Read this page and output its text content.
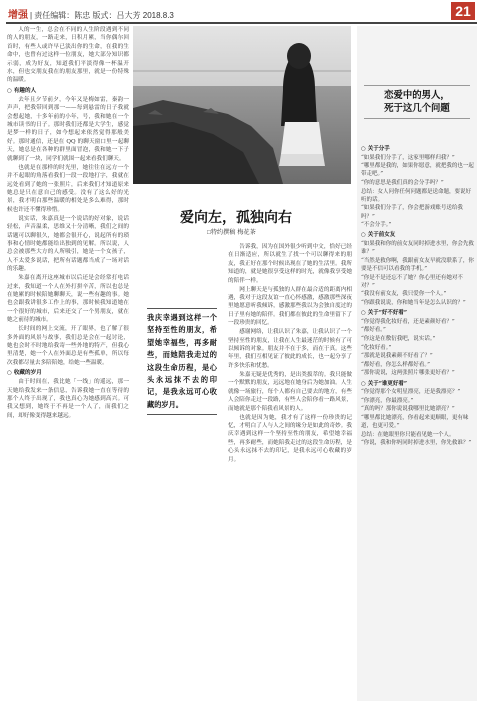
增强 | 责任编辑：陈忠 版式：吕大芳 2018.8.3	21

人的一生，总会在不同的人生阶段遇到不同的人的朋友，一路走来，日积月累，当你偶尔回首时，有些人或许早已淡出你的生命，在我的生命中，也曾有过这样一位朋友，她大部分知识都示弱，成为好友，知道我们平淡得像一杯温开水，但也交朋友我在的朋友那里，就是一份特殊的温暖。

○ 有趣的人

去年且夕节前夕，今年又是梅如雷，秦韵一声声，把我带回到那一——每到悬雷的日子我就会想起她，十多年前的小年，号，我和她在一个城市读书的日子。那时我们还都是大学生，感觉是梦一样的日子，如今想起来依然觉得那般美好。那时通信，还是在 QQ 的聊天窗口里一起聊天，她总是在各种的群里面冒泡，我和她一下子就聊到了一块，同学们就围一起来看我们聊天。

也就是在那样的时光里，她往往在远方一个并不起眼的角落看我们一段一段地打字，我就在远处看到了她的一张照片，后来我们才知道原来她总是只在意自己的感受。没有了这么好的光景，我才明白那些温暖的相处是多么难得，那时候也许还不懂得珍惜。

说实话，朱嘉真是一个说话的好对象，说话轻松，声音温柔，思维又十分清晰，我们之间的话题可以聊很久，她都会很开心，说起所有的琐事和心情时她都能给出独到的见解。所以说，人总会被那些大方的人所吸引，她是一个女孩子，人不太爱多说话，把所有话题都当成了一场对话的乐趣。

朱嘉在离开这座城市以后还是会经常打电话过来，我知道一个人在外打拼辛苦，所以也总是在她累的时候陪她聊聊天，说一些有趣的事。她也会跟我讲很多工作上的事，那时候我知道她在一个很好的城市，后来还交了一个男朋友，就在她之前待的城市。

长时间的网上交流，开了眼界，也了解了很多外面的风景与故事，我们总是会在一起讨论，她也会时不时地给我寄一些外地的特产，但我心里清楚，她一个人在外面总是有些孤单，所以每次我都尽量去多陪陪她，给她一些温暖。

○ 收藏的岁月

由于时间在，我比她「一线」的遥远，那一天她给我发来一条信息，告诉我她一直在等待的那个人终于出现了，我也真心为她感到高兴。可我又想到，她终于不再是一个人了，而我们之间，却好像变得越来越远。

爱向左，孤独向右
□特约撰稿 梅花茶
我庆幸遇到这样一个坚持至性的朋友，希望她幸福些，再多耐些，而她陪我走过的这段生命历程，是心头永远抹不去的印记，是我永远可心收藏的岁月。

告诉我，因为在国外很少听到中文，恰好已经在日渐适应，所以就生了找一个可以聊得来的朋友，我正好在那个时候出现在了她的生活里。我所知道的，就是她很享受这样的时光，就像我享受她的陪伴一样。

网上聊天是与孤独的人群在最合适的距离内相遇，我对于这段友谊一直心怀感激，感激那些深夜里她愿意听我倾诉，感激那些我以为会独自度过的日子里有她的陪伴。我们都在彼此的生命里留下了一段珍贵的回忆。

感谢网络，让我认识了朱嘉，让我认识了一个坚持至性的朋友，让我在人生最迷茫的时候有了可以倾诉的对象。朋友并不在于多，而在于真。这些年里，我们互相见证了彼此的成长，也一起分享了许多快乐和忧愁。

朱嘉无疑是优秀的，是出类拔萃的。我只能做一个默默的朋友，远远地在她身后为她加油。人生就像一场旅行，每个人都有自己要去的地方，有些人会陪你走过一段路，有些人会陪你看一路风景，而她就是那个陪我看风景的人。

也就是因为她，我才有了这样一份珍贵的记忆，才明白了人与人之间的缘分是如此的奇妙。我庆幸遇到这样一个坚持至性的朋友，希望她幸福些，再多耐些，而她陪我走过的这段生命历程，是心头永远抹不去的印记，是我永远可心收藏的岁月。

恋爱中的男人，
死于这几个问题

○ 关于分手

“如果我们分手了，这家里哪样归我？”

“哪里都是我的，如果你愿意，就把我的也一起带走吧。”

“你的意思是我们真的会分手吗？”

总结：女人问你任何问题都是送命题，要说好听的话。

“如果我们分手了，你会把游戏账号送给我吗？”

“不会分手。”

○ 关于前女友

“如果我和你的前女友同时掉进水里，你会先救谁？”

“当然是救你啊，我跟前女友早就没联系了，你要是不信可以看我的手机。”

“你是不是还忘不了她？你心里还有她对不对？”

“我没有前女友，我只爱你一个人。”

“你跟我说说，你和她当年是怎么认识的？”

○ 关于“好不好看”

“你觉得我化妆好看，还是素颜好看？”

“都好看。”

“你这是在敷衍我吧，说实话。”

“化妆好看。”

“那就是说我素颜不好看了？”

“都好看，你怎么样都好看。”

“那你说说，这两张照片哪张更好看？”

○ 关于“谁更好看”

“你觉得那个女明星漂亮，还是我漂亮？”

“你漂亮，你最漂亮。”

“真的吗？那你说说我哪里比她漂亮？”

“哪里都比她漂亮，你看起来更顺眼，更有味道，也更可爱。”

总结：在她眼里你只能看见她一个人。

“你说，我和你妈同时掉进水里，你先救谁？”
